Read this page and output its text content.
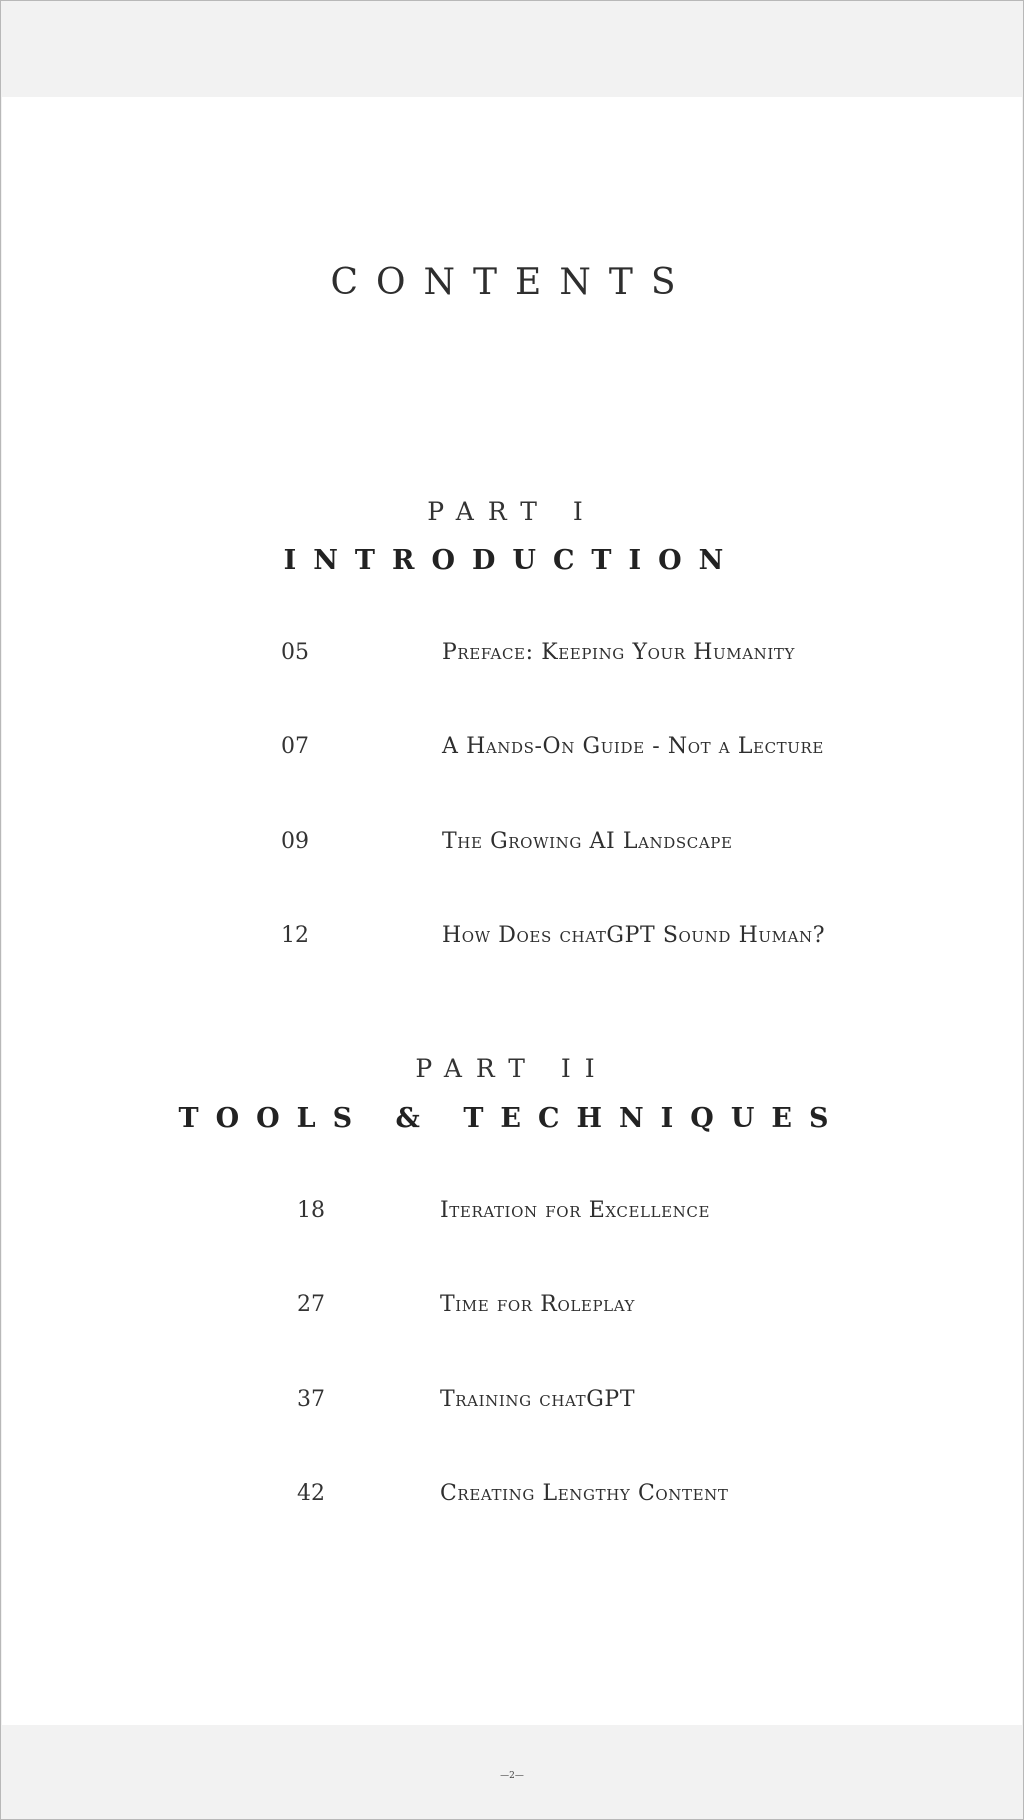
CONTENTS
PART I
INTRODUCTION
05	Preface: Keeping Your Humanity
07	A Hands-On Guide - Not a Lecture
09	The Growing AI Landscape
12	How Does chatGPT Sound Human?
PART II
TOOLS & TECHNIQUES
18	Iteration for Excellence
27	Time for Roleplay
37	Training chatGPT
42	Creating Lengthy Content
—2—
